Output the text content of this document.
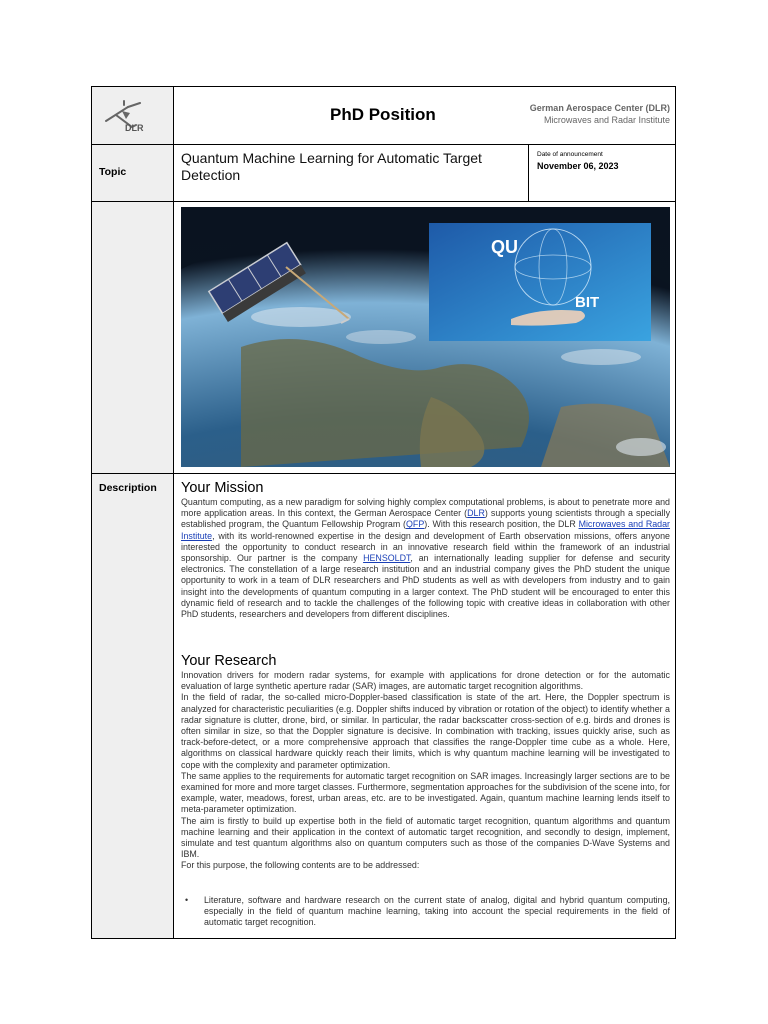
DLR
PhD Position	German Aerospace Center (DLR)
Microwaves and Radar Institute
Topic
Quantum Machine Learning for Automatic Target Detection
Date of announcement
November 06, 2023
QU
BIT
Description Your Mission

Quantum computing, as a new paradigm for solving highly complex computational problems, is about to penetrate more and more application areas. In this context, the German Aerospace Center (DLR) supports young scientists through a specially established program, the Quantum Fellowship Program (QFP). With this research position, the DLR Microwaves and Radar Institute, with its world-renowned expertise in the design and development of Earth observation missions, offers anyone interested the opportunity to conduct research in an innovative research field within the framework of an industrial sponsorship. Our partner is the company HENSOLDT, an internationally leading supplier for defense and security electronics. The constellation of a large research institution and an industrial company gives the PhD student the unique opportunity to work in a team of DLR researchers and PhD students as well as with developers from industry and to gain insight into the developments of quantum computing in a larger context. The PhD student will be encouraged to enter this dynamic field of research and to tackle the challenges of the following topic with creative ideas in collaboration with other PhD students, researchers and developers from different disciplines.

Your Research

Innovation drivers for modern radar systems, for example with applications for drone detection or for the automatic evaluation of large synthetic aperture radar (SAR) images, are automatic target recognition algorithms.

In the field of radar, the so-called micro-Doppler-based classification is state of the art. Here, the Doppler spectrum is analyzed for characteristic peculiarities (e.g. Doppler shifts induced by vibration or rotation of the object) to identify whether a radar signature is clutter, drone, bird, or similar. In particular, the radar backscatter cross-section of e.g. birds and drones is often similar in size, so that the Doppler signature is decisive. In combination with tracking, issues quickly arise, such as track-before-detect, or a more comprehensive approach that classifies the range-Doppler time cube as a whole. Here, algorithms on classical hardware quickly reach their limits, which is why quantum machine learning will be investigated to cope with the complexity and parameter optimization.

The same applies to the requirements for automatic target recognition on SAR images. Increasingly larger sections are to be examined for more and more target classes. Furthermore, segmentation approaches for the subdivision of the scene into, for example, water, meadows, forest, urban areas, etc. are to be investigated. Again, quantum machine learning lends itself to meta-parameter optimization.

The aim is firstly to build up expertise both in the field of automatic target recognition, quantum algorithms and quantum machine learning and their application in the context of automatic target recognition, and secondly to design, implement, simulate and test quantum algorithms also on quantum computers such as those of the companies D-Wave Systems and IBM.

For this purpose, the following contents are to be addressed:

• Literature, software and hardware research on the current state of analog, digital and hybrid quantum computing, especially in the field of quantum machine learning, taking into account the special requirements in the field of automatic target recognition.
